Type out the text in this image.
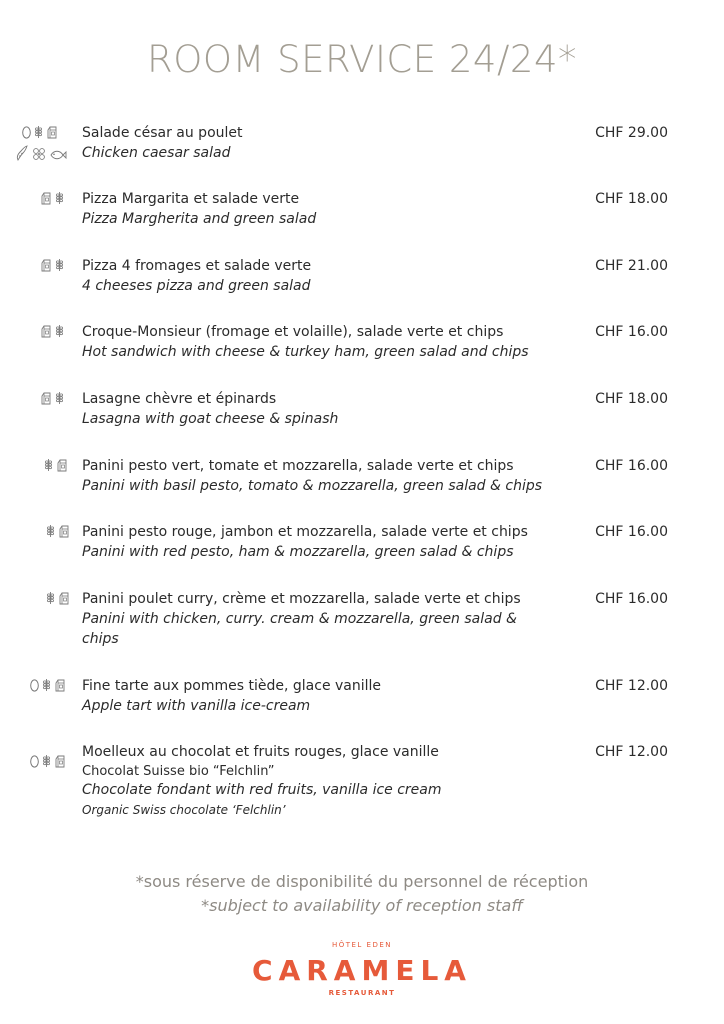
ROOM SERVICE 24/24*
Salade césar au poulet
Chicken caesar salad
CHF 29.00
Pizza Margarita et salade verte
Pizza Margherita and green salad
CHF 18.00
Pizza 4 fromages et salade verte
4 cheeses pizza and green salad
CHF 21.00
Croque-Monsieur (fromage et volaille), salade verte et chips
Hot sandwich with cheese & turkey ham, green salad and chips
CHF 16.00
Lasagne chèvre et épinards
Lasagna with goat cheese & spinash
CHF 18.00
Panini pesto vert, tomate et mozzarella, salade verte et chips
Panini with basil pesto, tomato & mozzarella, green salad & chips
CHF 16.00
Panini pesto rouge, jambon et mozzarella, salade verte et chips
Panini with red pesto, ham & mozzarella, green salad & chips
CHF 16.00
Panini poulet curry, crème et mozzarella, salade verte et chips
Panini with chicken, curry. cream & mozzarella, green salad & chips
CHF 16.00
Fine tarte aux pommes tiède, glace vanille
Apple tart with vanilla ice-cream
CHF 12.00
Moelleux au chocolat et fruits rouges, glace vanille
Chocolat Suisse bio “Felchlin”
Chocolate fondant with red fruits, vanilla ice cream
Organic Swiss chocolate ‘Felchlin’
CHF 12.00
*sous réserve de disponibilité du personnel de réception
*subject to availability of reception staff
HÔTEL EDEN
CARAMELA
RESTAURANT
